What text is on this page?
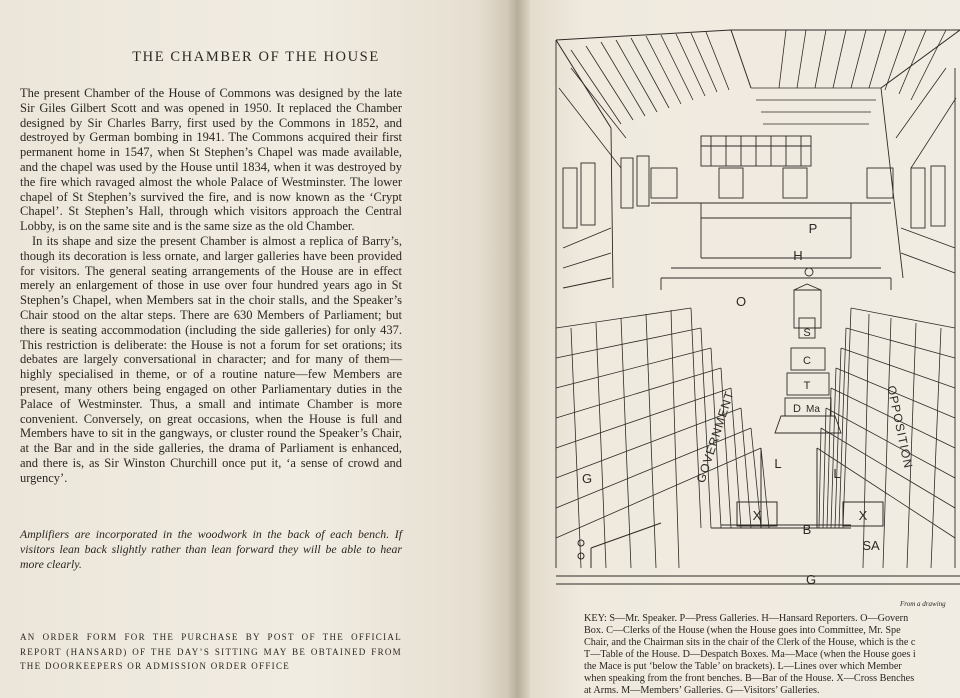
THE CHAMBER OF THE HOUSE

The present Chamber of the House of Commons was designed by the late Sir Giles Gilbert Scott and was opened in 1950. It replaced the Chamber designed by Sir Charles Barry, first used by the Commons in 1852, and destroyed by German bombing in 1941. The Commons acquired their first permanent home in 1547, when St Stephen’s Chapel was made available, and the chapel was used by the House until 1834, when it was destroyed by the fire which ravaged almost the whole Palace of Westminster. The lower chapel of St Stephen’s survived the fire, and is now known as the ‘Crypt Chapel’. St Stephen’s Hall, through which visitors approach the Central Lobby, is on the same site and is the same size as the old Chamber.

In its shape and size the present Chamber is almost a replica of Barry’s, though its decoration is less ornate, and larger galleries have been provided for visitors. The general seating arrangements of the House are in effect merely an enlargement of those in use over four hundred years ago in St Stephen’s Chapel, when Members sat in the choir stalls, and the Speaker’s Chair stood on the altar steps. There are 630 Members of Parliament; but there is seating accommodation (including the side galleries) for only 437. This restriction is deliberate: the House is not a forum for set orations; its debates are largely conversational in character; and for many of them—highly specialised in theme, or of a routine nature—few Members are present, many others being engaged on other Parliamentary duties in the Palace of Westminster. Thus, a small and intimate Chamber is more convenient. Conversely, on great occasions, when the House is full and Members have to sit in the gangways, or cluster round the Speaker’s Chair, at the Bar and in the side galleries, the drama of Parliament is enhanced, and there is, as Sir Winston Churchill once put it, ‘a sense of crowd and urgency’.

Amplifiers are incorporated in the woodwork in the back of each bench. If visitors lean back slightly rather than lean forward they will be able to hear more clearly.
AN ORDER FORM FOR THE PURCHASE BY POST OF THE OFFICIAL REPORT (HANSARD) OF THE DAY’S SITTING MAY BE OBTAINED FROM THE DOORKEEPERS OR ADMISSION ORDER OFFICE
GOVERNMENT	OPPOSITION
P
H
O
S
C
T
D Ma
L
L
B
X	X
SA
G
G
From a drawing
KEY: S—Mr. Speaker. P—Press Galleries. H—Hansard Reporters. O—Govern
Box. C—Clerks of the House (when the House goes into Committee, Mr. Spe
Chair, and the Chairman sits in the chair of the Clerk of the House, which is the c
T—Table of the House. D—Despatch Boxes. Ma—Mace (when the House goes i
the Mace is put ‘below the Table’ on brackets). L—Lines over which Member
when speaking from the front benches. B—Bar of the House. X—Cross Benches
at Arms. M—Members’ Galleries. G—Visitors’ Galleries.
